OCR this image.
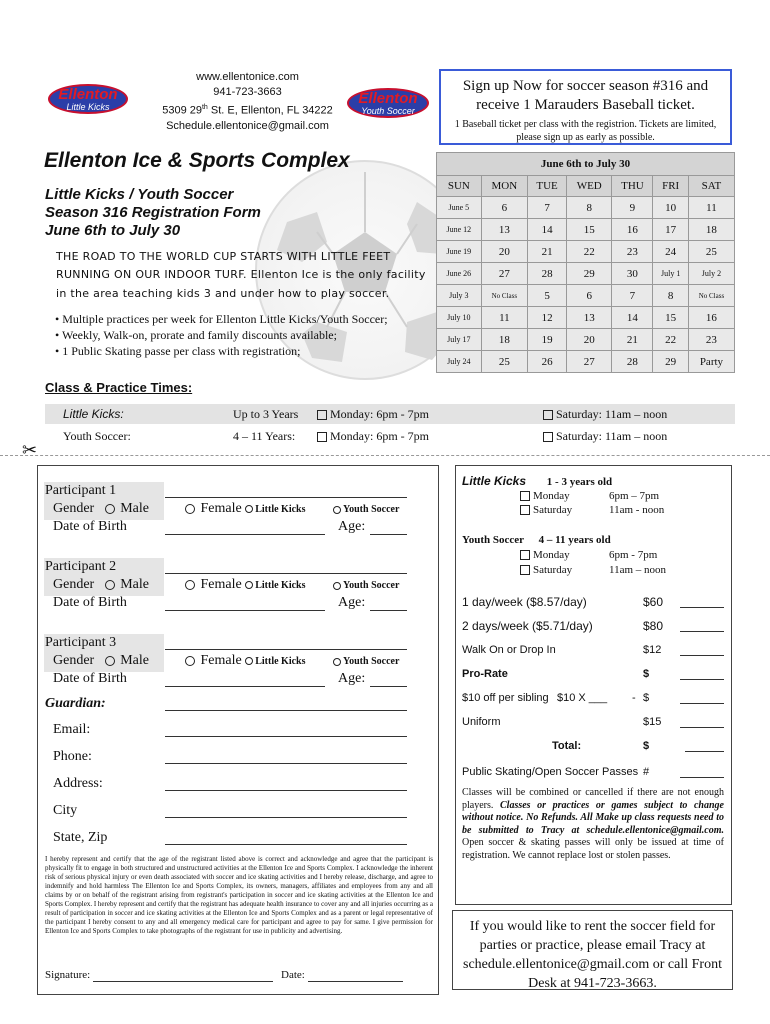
Ellenton
Little Kicks	Ellenton
Youth Soccer
www.ellentonice.com
941-723-3663
5309 29th St. E, Ellenton, FL 34222
Schedule.ellentonice@gmail.com
Sign up Now for soccer season #316 and receive 1 Marauders Baseball ticket.
1 Baseball ticket per class with the registrion. Tickets are limited, please sign up as early as possible.
Ellenton Ice & Sports Complex
Little Kicks / Youth Soccer
Season 316 Registration Form
June 6th to July 30
THE ROAD TO THE WORLD CUP STARTS WITH LITTLE FEET
RUNNING ON OUR INDOOR TURF. Ellenton Ice is the only facility
in the area teaching kids 3 and under how to play soccer.
• Multiple practices per week for Ellenton Little Kicks/Youth Soccer;
• Weekly, Walk-on, prorate and family discounts available;
• 1 Public Skating passe per class with registration;
June 6th to July 30						
SUN	MON	TUE	WED	THU	FRI	SAT
June 5	6	7	8	9	10	11
June 12	13	14	15	16	17	18
June 19	20	21	22	23	24	25
June 26	27	28	29	30	July 1	July 2
July 3	No Class	5	6	7	8	No Class
July 10	11	12	13	14	15	16
July 17	18	19	20	21	22	23
July 24	25	26	27	28	29	Party
Class & Practice Times:
Little Kicks:	Up to 3 Years	Monday: 6pm - 7pm	Saturday: 11am – noon
Youth Soccer:	4 – 11 Years:	Monday: 6pm - 7pm	Saturday: 11am – noon
✂
Participant 1
Gender Male	Female Little Kicks	Youth Soccer
Date of Birth	Age:
Participant 2
Gender Male	Female Little Kicks	Youth Soccer
Date of Birth	Age:
Participant 3
Gender Male	Female Little Kicks	Youth Soccer
Date of Birth	Age:
Guardian:
Email:
Phone:
Address:
City
State, Zip
I hereby represent and certify that the age of the registrant listed above is correct and acknowledge and agree that the participant is physically fit to engage in both structured and unstructured activities at the Ellenton Ice and Sports Complex. I acknowledge the inherent risk of serious physical injury or even death associated with soccer and ice skating activities and I hereby release, discharge, and agree to indemnify and hold harmless The Ellenton Ice and Sports Complex, its owners, managers, affiliates and employees from any and all claims by or on behalf of the registrant arising from registrant's participation in soccer and ice skating activities at the Ellenton Ice and Sports Complex. I hereby represent and certify that the registrant has adequate health insurance to cover any and all injuries occurring as a result of participation in soccer and ice skating activities at the Ellenton Ice and Sports Complex and as a parent or legal representative of the participant I hereby consent to any and all emergency medical care for participant and agree to pay for same. I give permission for Ellenton Ice and Sports Complex to take photographs of the registrant for use in publicity and advertising.
Signature:	Date:
Little Kicks 1 - 3 years old
Monday	6pm – 7pm
Saturday	11am - noon
Youth Soccer 4 – 11 years old
Monday	6pm - 7pm
Saturday	11am – noon
1 day/week ($8.57/day)	$60
2 days/week ($5.71/day)	$80
Walk On or Drop In	$12
Pro-Rate	$
$10 off per sibling $10 X ___ - $
Uniform	$15
Total:	$
Public Skating/Open Soccer Passes #
Classes will be combined or cancelled if there are not enough players. Classes or practices or games subject to change without notice. No Refunds. All Make up class requests need to be submitted to Tracy at schedule.ellentonice@gmail.com. Open soccer & skating passes will only be issued at time of registration. We cannot replace lost or stolen passes.
If you would like to rent the soccer field for parties or practice, please email Tracy at schedule.ellentonice@gmail.com or call Front Desk at 941-723-3663.
